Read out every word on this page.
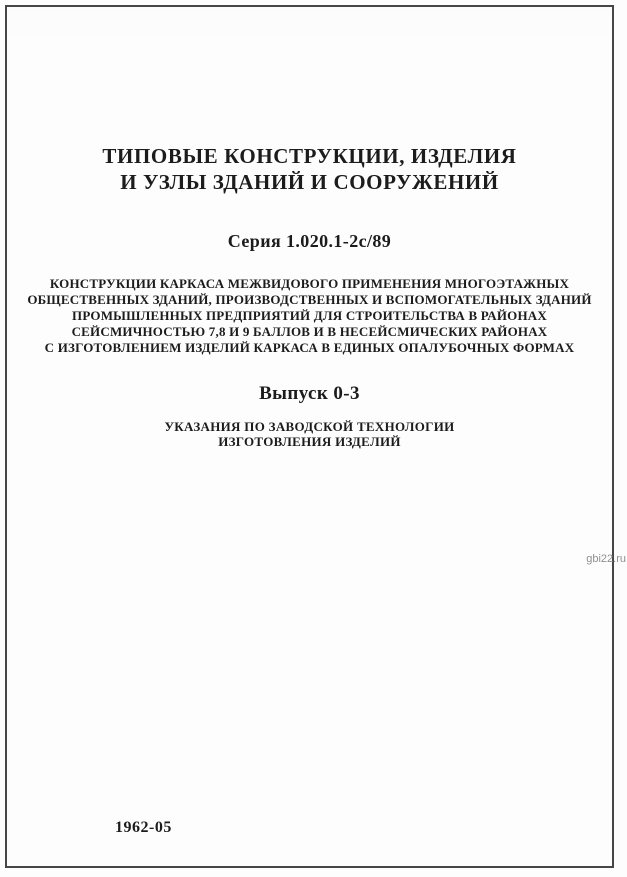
ТИПОВЫЕ КОНСТРУКЦИИ, ИЗДЕЛИЯ
И УЗЛЫ ЗДАНИЙ И СООРУЖЕНИЙ
Серия 1.020.1-2с/89
КОНСТРУКЦИИ КАРКАСА МЕЖВИДОВОГО ПРИМЕНЕНИЯ МНОГОЭТАЖНЫХ
ОБЩЕСТВЕННЫХ ЗДАНИЙ, ПРОИЗВОДСТВЕННЫХ И ВСПОМОГАТЕЛЬНЫХ ЗДАНИЙ
ПРОМЫШЛЕННЫХ ПРЕДПРИЯТИЙ ДЛЯ СТРОИТЕЛЬСТВА В РАЙОНАХ
СЕЙСМИЧНОСТЬЮ 7,8 И 9 БАЛЛОВ И В НЕСЕЙСМИЧЕСКИХ РАЙОНАХ
С ИЗГОТОВЛЕНИЕМ ИЗДЕЛИЙ КАРКАСА В ЕДИНЫХ ОПАЛУБОЧНЫХ ФОРМАХ
Выпуск 0-3
УКАЗАНИЯ ПО ЗАВОДСКОЙ ТЕХНОЛОГИИ
ИЗГОТОВЛЕНИЯ ИЗДЕЛИЙ
1962-05
gbi22.ru
